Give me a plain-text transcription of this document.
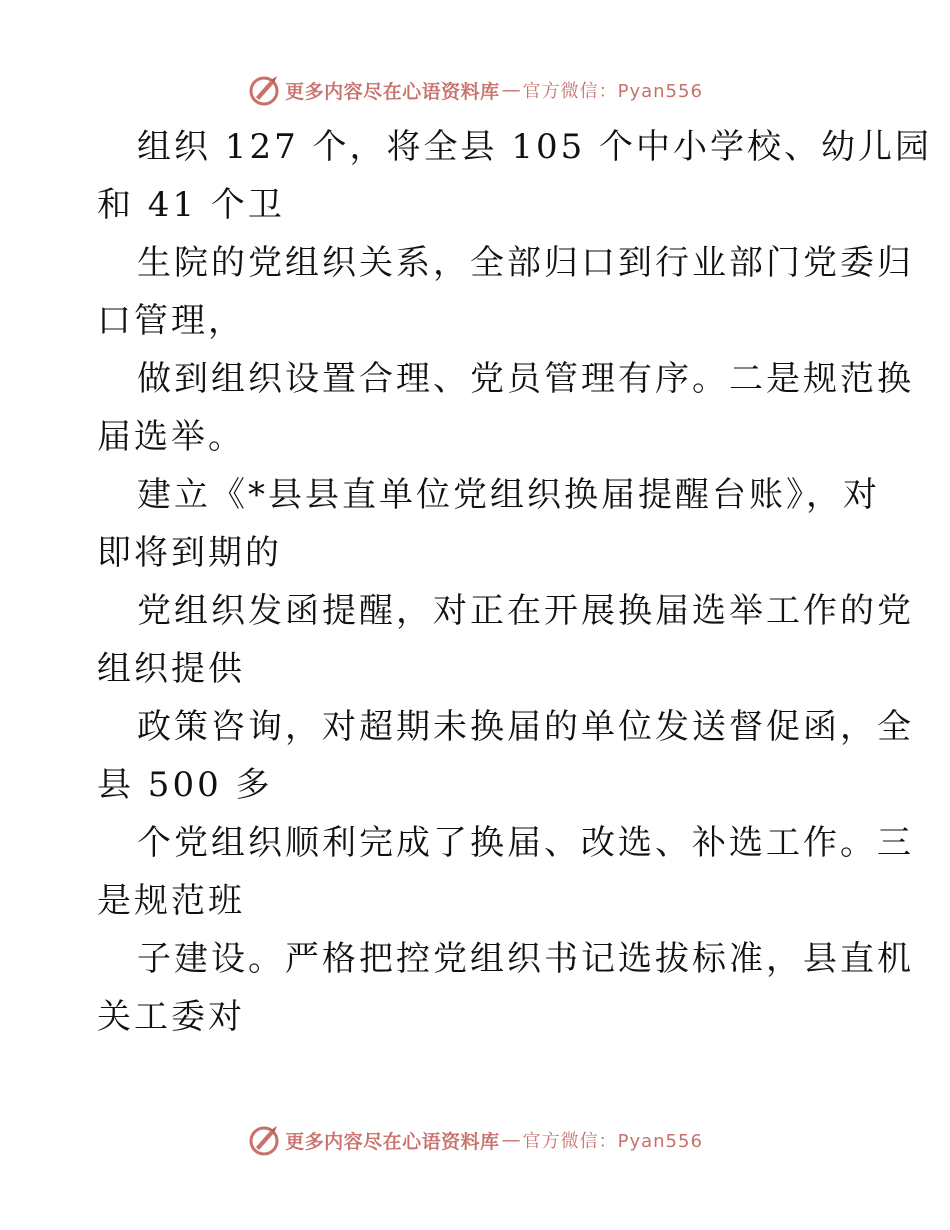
更多内容尽在心语资料库 — 官方微信：Pyan556
组织 127 个，将全县 105 个中小学校、幼儿园
和 41 个卫
生院的党组织关系，全部归口到行业部门党委归
口管理，
做到组织设置合理、党员管理有序。二是规范换
届选举。
建立《*县县直单位党组织换届提醒台账》，对
即将到期的
党组织发函提醒，对正在开展换届选举工作的党
组织提供
政策咨询，对超期未换届的单位发送督促函，全
县 500 多
个党组织顺利完成了换届、改选、补选工作。三
是规范班
子建设。严格把控党组织书记选拔标准，县直机
关工委对
更多内容尽在心语资料库 — 官方微信：Pyan556
